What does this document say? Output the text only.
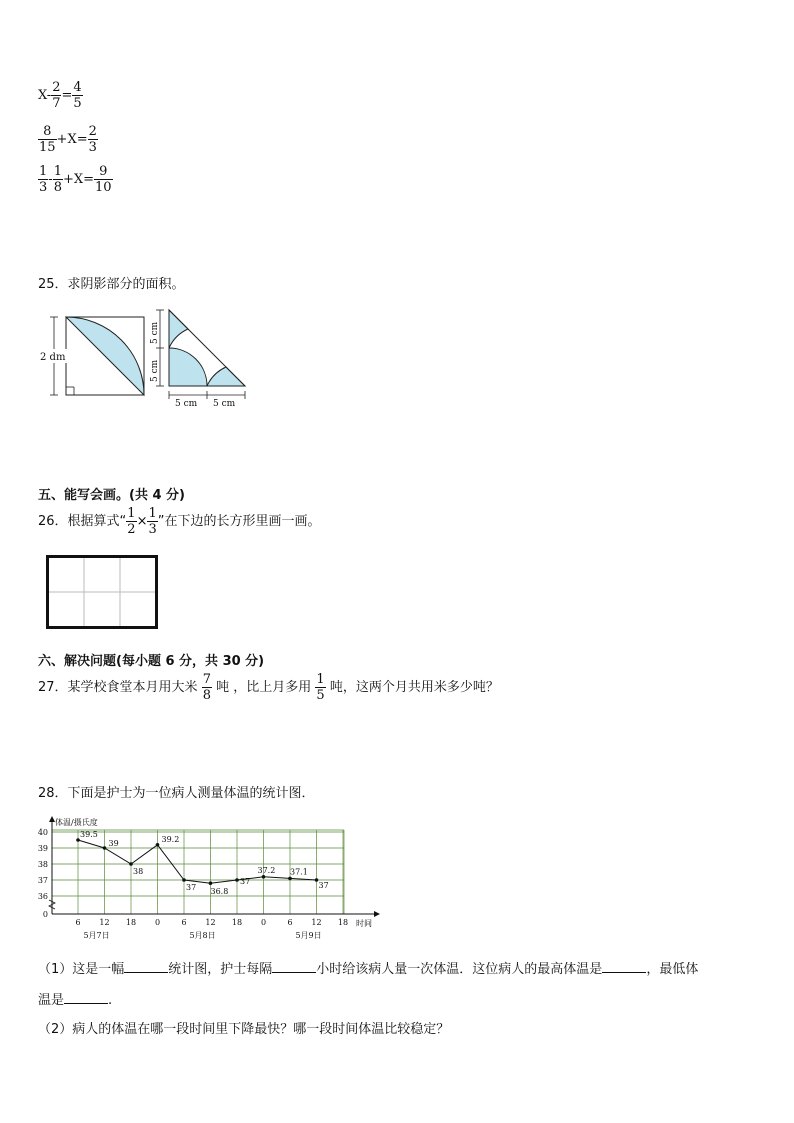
$X- \frac{2}{7} = \frac{4}{5}$
$\frac{8}{15} +X= \frac{2}{3}$
$\frac{1}{3} - \frac{1}{8} +X= \frac{9}{10}$
25．求阴影部分的面积。
2 dm
5 cm
5 cm
5 cm 5 cm
五、能写会画。(共 4 分)
26．根据算式“ $\frac{1}{2} \times \frac{1}{3}$ ”在下边的长方形里画一画。
六、解决问题(每小题 6 分，共 30 分)
27．某学校食堂本月用大米 $\frac{7}{8}$ 吨 ，比上月多用 $\frac{1}{5}$ 吨，这两个月共用米多少吨？
28．下面是护士为一位病人测量体温的统计图．
40
39
38
37
36
0
体温/摄氏度
6 12 18 0	6 12 18 0	6 12 18 时间
5月7日	5月8日	5月9日
39.5
39
38
39.2
37 36.8
37
37.2 37.1
37
（1）这是一幅	统计图，护士每隔	小时给该病人量一次体温．这位病人的最高体温是	，最低体
温是	.
（2）病人的体温在哪一段时间里下降最快？哪一段时间体温比较稳定？
